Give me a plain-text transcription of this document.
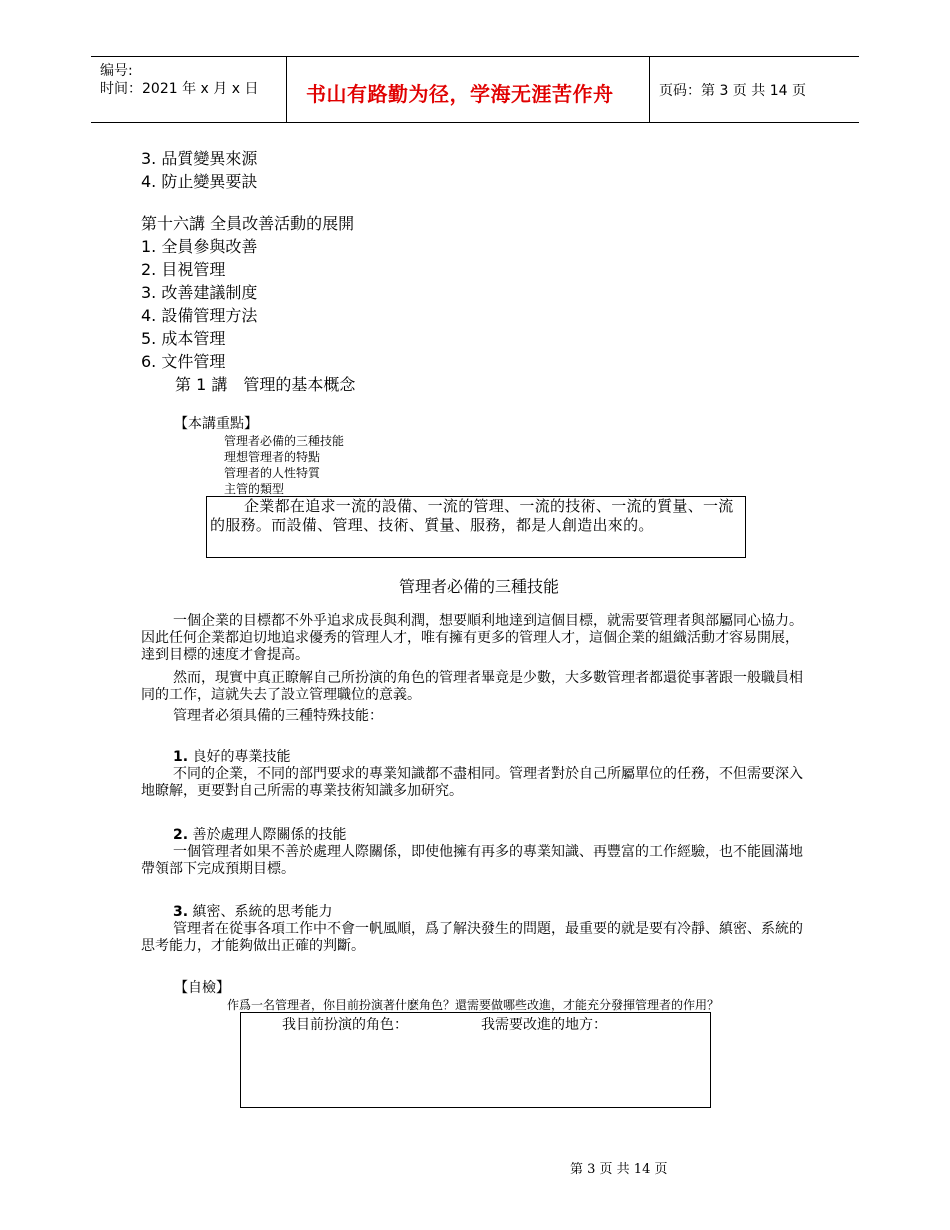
编号:
时间：2021 年 x 月 x 日 书山有路勤为径，学海无涯苦作舟	页码：第 3 页 共 14 页
3. 品質變異來源
4. 防止變異要訣
第十六講 全員改善活動的展開
1. 全員參與改善
2. 目視管理
3. 改善建議制度
4. 設備管理方法
5. 成本管理
6. 文件管理
第 1 講　管理的基本概念
【本講重點】
管理者必備的三種技能
理想管理者的特點
管理者的人性特質
主管的類型
企業都在追求一流的設備、一流的管理、一流的技術、一流的質量、一流的服務。而設備、管理、技術、質量、服務，都是人創造出來的。
管理者必備的三種技能
一個企業的目標都不外乎追求成長與利潤，想要順利地達到這個目標，就需要管理者與部屬同心協力。因此任何企業都迫切地追求優秀的管理人才，唯有擁有更多的管理人才，這個企業的組織活動才容易開展，達到目標的速度才會提高。
然而，現實中真正瞭解自己所扮演的角色的管理者畢竟是少數，大多數管理者都還從事著跟一般職員相同的工作，這就失去了設立管理職位的意義。
管理者必須具備的三種特殊技能：
1. 良好的專業技能
不同的企業，不同的部門要求的專業知識都不盡相同。管理者對於自己所屬單位的任務，不但需要深入地瞭解，更要對自己所需的專業技術知識多加研究。
2. 善於處理人際關係的技能
一個管理者如果不善於處理人際關係，即使他擁有再多的專業知識、再豐富的工作經驗，也不能圓滿地帶領部下完成預期目標。
3. 縝密、系統的思考能力
管理者在從事各項工作中不會一帆風順，爲了解決發生的問題，最重要的就是要有冷靜、縝密、系統的思考能力，才能夠做出正確的判斷。
【自檢】
作爲一名管理者，你目前扮演著什麽角色？還需要做哪些改進，才能充分發揮管理者的作用？
我目前扮演的角色：	我需要改進的地方：
第 3 页 共 14 页
